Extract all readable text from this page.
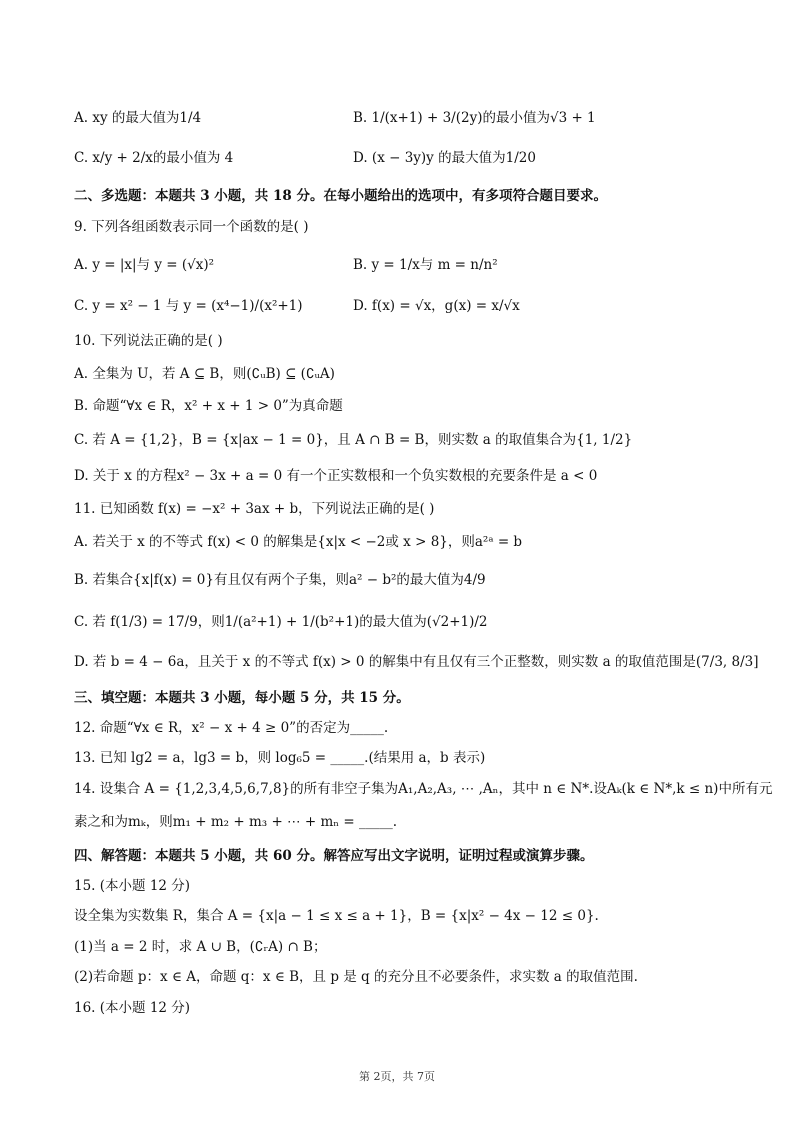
A. xy 的最大值为1/4	B. 1/(x+1) + 3/(2y)的最小值为√3 + 1
C. x/y + 2/x的最小值为 4	D. (x − 3y)y 的最大值为1/20
二、多选题：本题共 3 小题，共 18 分。在每小题给出的选项中，有多项符合题目要求。
9. 下列各组函数表示同一个函数的是( )
A. y = |x|与 y = (√x)²	B. y = 1/x与 m = n/n²
C. y = x² − 1 与 y = (x⁴−1)/(x²+1)	D. f(x) = √x，g(x) = x/√x
10. 下列说法正确的是( )
A. 全集为 U，若 A ⊆ B，则(∁ᵤB) ⊆ (∁ᵤA)
B. 命题“∀x ∈ R，x² + x + 1 > 0”为真命题
C. 若 A = {1,2}，B = {x|ax − 1 = 0}，且 A ∩ B = B，则实数 a 的取值集合为{1, 1/2}
D. 关于 x 的方程x² − 3x + a = 0 有一个正实数根和一个负实数根的充要条件是 a < 0
11. 已知函数 f(x) = −x² + 3ax + b，下列说法正确的是( )
A. 若关于 x 的不等式 f(x) < 0 的解集是{x|x < −2或 x > 8}，则a²ᵃ = b
B. 若集合{x|f(x) = 0}有且仅有两个子集，则a² − b²的最大值为4/9
C. 若 f(1/3) = 17/9，则1/(a²+1) + 1/(b²+1)的最大值为(√2+1)/2
D. 若 b = 4 − 6a，且关于 x 的不等式 f(x) > 0 的解集中有且仅有三个正整数，则实数 a 的取值范围是(7/3, 8/3]
三、填空题：本题共 3 小题，每小题 5 分，共 15 分。
12. 命题“∀x ∈ R，x² − x + 4 ≥ 0”的否定为_____.
13. 已知 lg2 = a，lg3 = b，则 log₆5 = _____.(结果用 a，b 表示)
14. 设集合 A = {1,2,3,4,5,6,7,8}的所有非空子集为A₁,A₂,A₃, ⋯ ,Aₙ，其中 n ∈ N*.设Aₖ(k ∈ N*,k ≤ n)中所有元
素之和为mₖ，则m₁ + m₂ + m₃ + ⋯ + mₙ = _____.
四、解答题：本题共 5 小题，共 60 分。解答应写出文字说明，证明过程或演算步骤。
15. (本小题 12 分)
设全集为实数集 R，集合 A = {x|a − 1 ≤ x ≤ a + 1}，B = {x|x² − 4x − 12 ≤ 0}.
(1)当 a = 2 时，求 A ∪ B，(∁ᵣA) ∩ B；
(2)若命题 p：x ∈ A，命题 q：x ∈ B，且 p 是 q 的充分且不必要条件，求实数 a 的取值范围.
16. (本小题 12 分)
第 2页，共 7页
